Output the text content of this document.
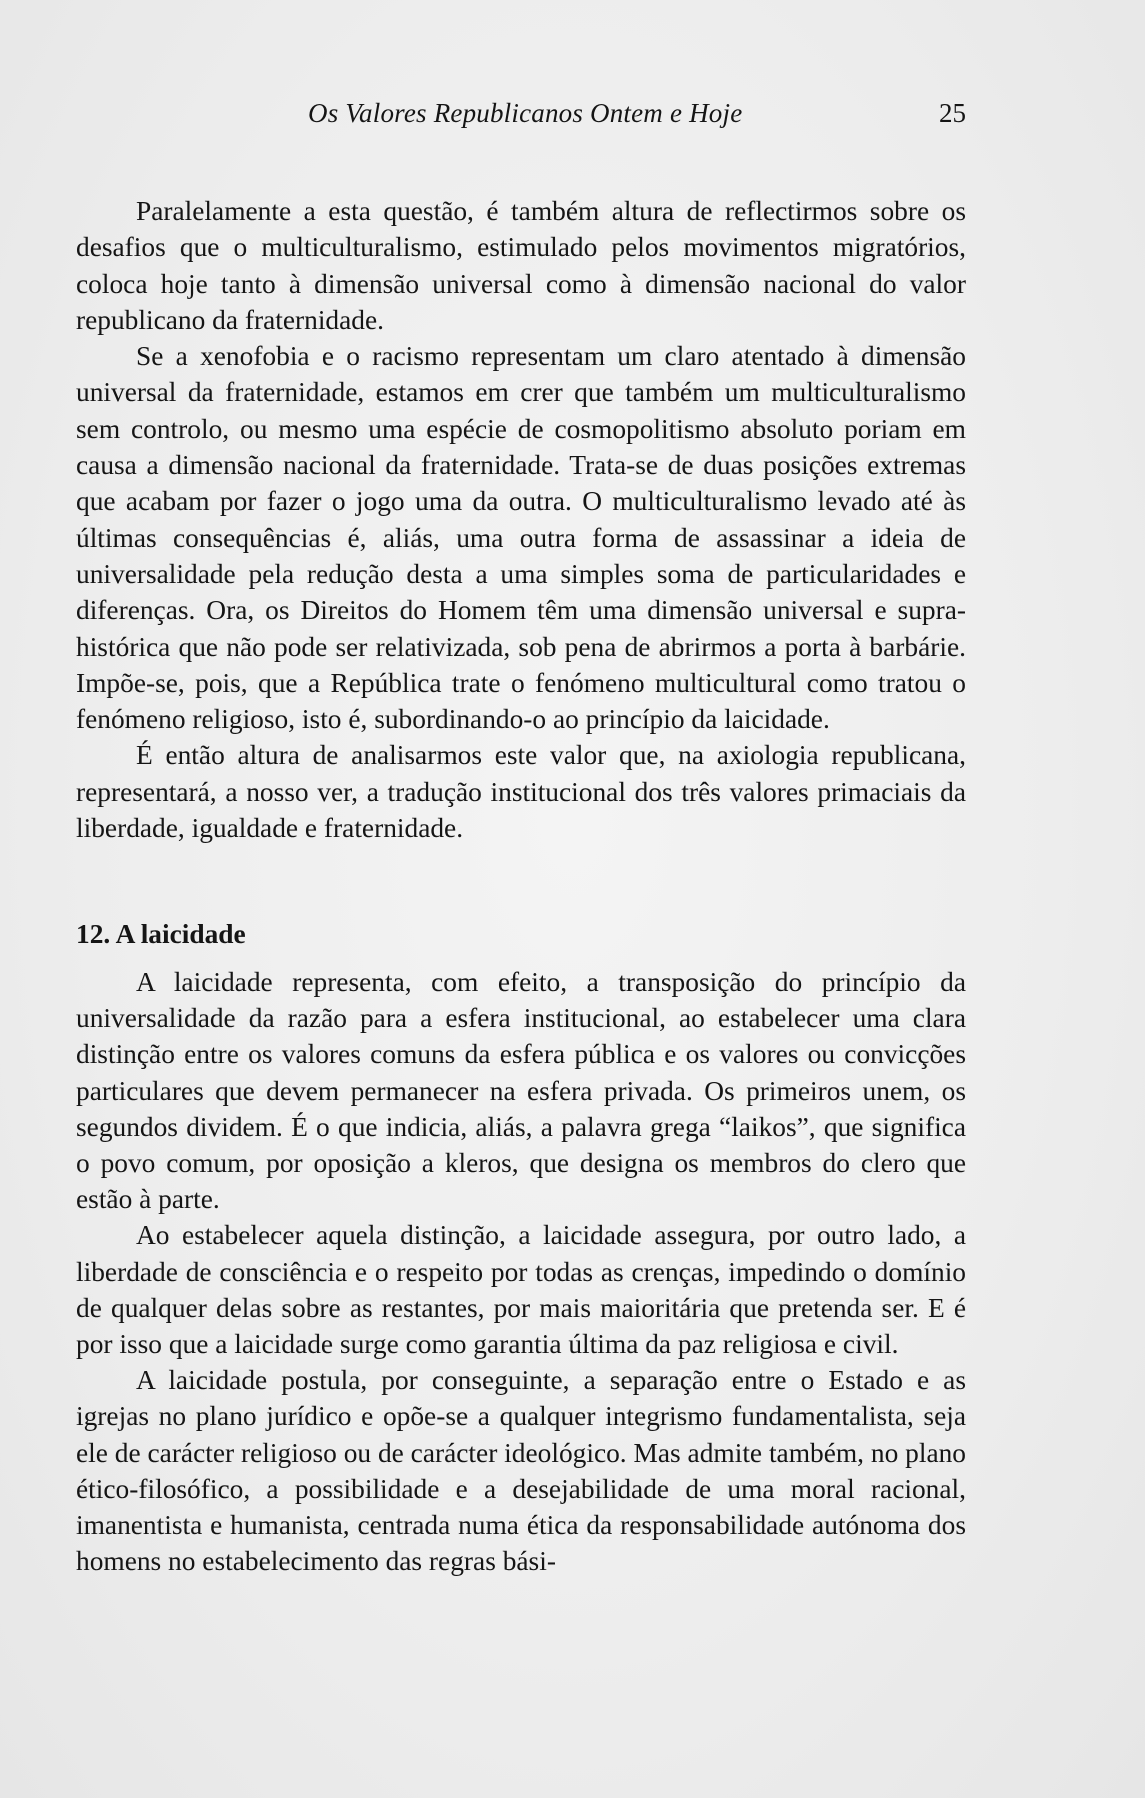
Os Valores Republicanos Ontem e Hoje	25

Paralelamente a esta questão, é também altura de reflectirmos sobre os desafios que o multiculturalismo, estimulado pelos movimentos migratórios, coloca hoje tanto à dimensão universal como à dimensão nacional do valor republicano da fraternidade.

Se a xenofobia e o racismo representam um claro atentado à dimensão universal da fraternidade, estamos em crer que também um multiculturalismo sem controlo, ou mesmo uma espécie de cosmopolitismo absoluto poriam em causa a dimensão nacional da fraternidade. Trata-se de duas posições extremas que acabam por fazer o jogo uma da outra. O multiculturalismo levado até às últimas consequências é, aliás, uma outra forma de assassinar a ideia de universalidade pela redução desta a uma simples soma de particularidades e diferenças. Ora, os Direitos do Homem têm uma dimensão universal e supra-histórica que não pode ser relativizada, sob pena de abrirmos a porta à barbárie. Impõe-se, pois, que a República trate o fenómeno multicultural como tratou o fenómeno religioso, isto é, subordinando-o ao princípio da laicidade.

É então altura de analisarmos este valor que, na axiologia republicana, representará, a nosso ver, a tradução institucional dos três valores primaciais da liberdade, igualdade e fraternidade.

12. A laicidade

A laicidade representa, com efeito, a transposição do princípio da universalidade da razão para a esfera institucional, ao estabelecer uma clara distinção entre os valores comuns da esfera pública e os valores ou convicções particulares que devem permanecer na esfera privada. Os primeiros unem, os segundos dividem. É o que indicia, aliás, a palavra grega “laikos”, que significa o povo comum, por oposição a kleros, que designa os membros do clero que estão à parte.

Ao estabelecer aquela distinção, a laicidade assegura, por outro lado, a liberdade de consciência e o respeito por todas as crenças, impedindo o domínio de qualquer delas sobre as restantes, por mais maioritária que pretenda ser. E é por isso que a laicidade surge como garantia última da paz religiosa e civil.

A laicidade postula, por conseguinte, a separação entre o Estado e as igrejas no plano jurídico e opõe-se a qualquer integrismo fundamentalista, seja ele de carácter religioso ou de carácter ideológico. Mas admite também, no plano ético-filosófico, a possibilidade e a desejabilidade de uma moral racional, imanentista e humanista, centrada numa ética da responsabilidade autónoma dos homens no estabelecimento das regras bási-
